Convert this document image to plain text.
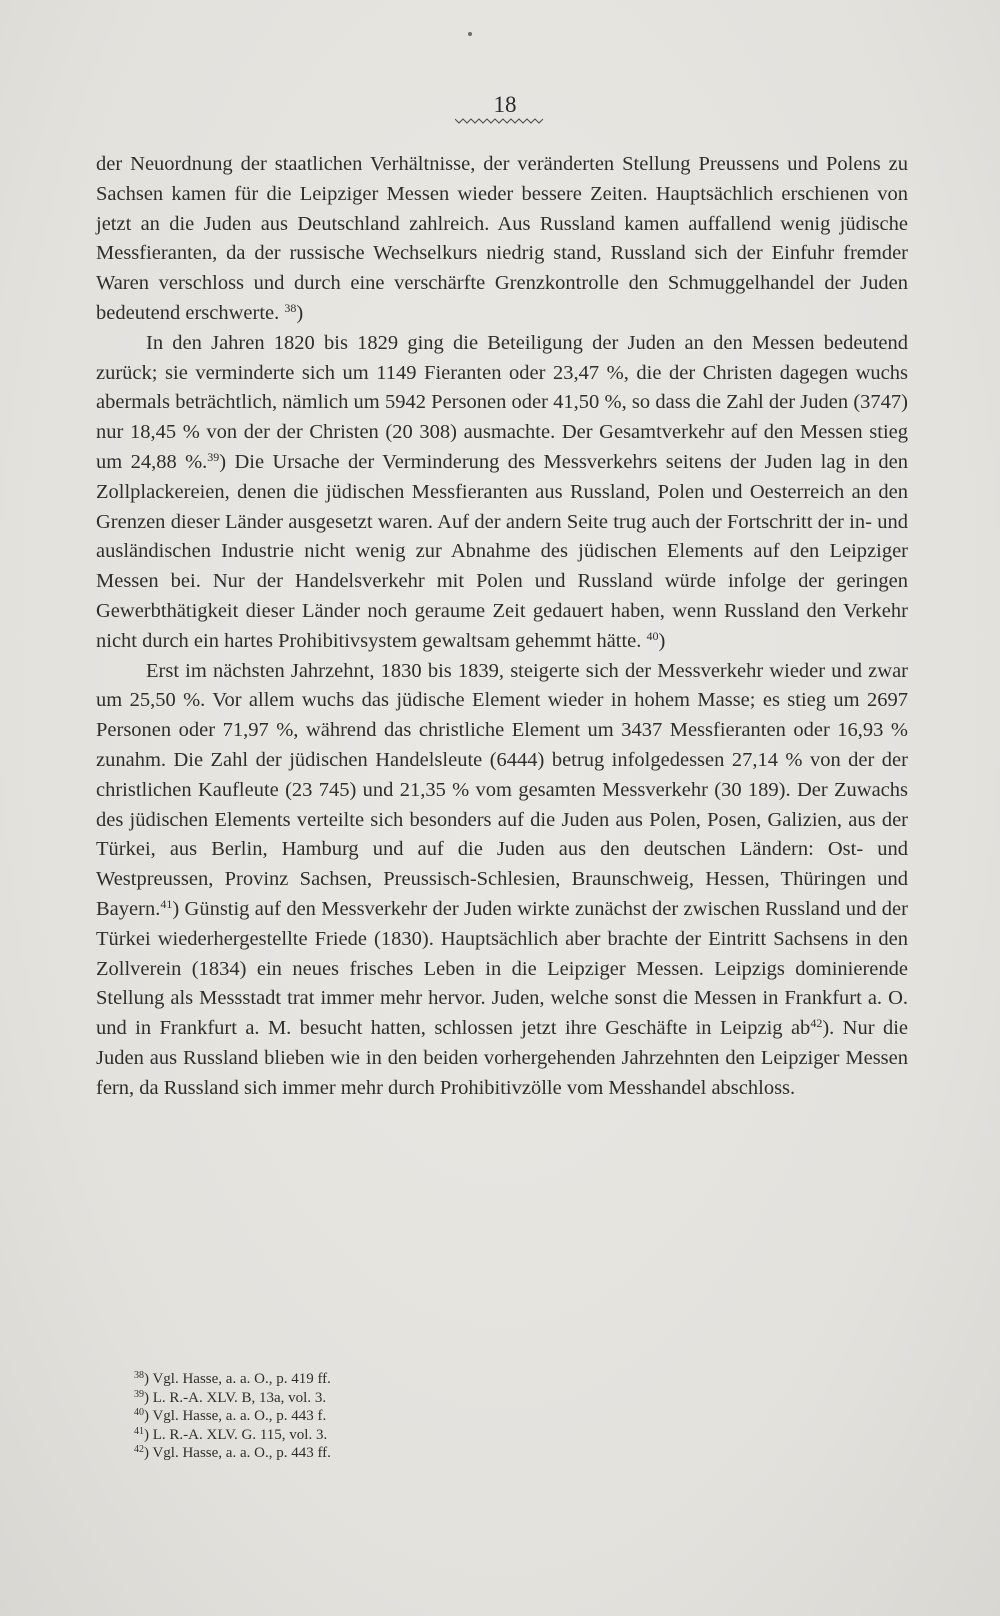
18

der Neuordnung der staatlichen Verhältnisse, der veränderten Stellung Preussens und Polens zu Sachsen kamen für die Leipziger Messen wieder bessere Zeiten. Hauptsächlich erschienen von jetzt an die Juden aus Deutschland zahlreich. Aus Russland kamen auffallend wenig jüdische Messfieranten, da der russische Wechselkurs niedrig stand, Russland sich der Einfuhr fremder Waren verschloss und durch eine verschärfte Grenzkontrolle den Schmuggelhandel der Juden bedeutend erschwerte. $^{38}$)

In den Jahren 1820 bis 1829 ging die Beteiligung der Juden an den Messen bedeutend zurück; sie verminderte sich um 1149 Fieranten oder 23,47 %, die der Christen dagegen wuchs abermals beträchtlich, nämlich um 5942 Personen oder 41,50 %, so dass die Zahl der Juden (3747) nur 18,45 % von der der Christen (20 308) ausmachte. Der Gesamtverkehr auf den Messen stieg um 24,88 %.$^{39}$) Die Ursache der Verminderung des Messverkehrs seitens der Juden lag in den Zollplackereien, denen die jüdischen Messfieranten aus Russland, Polen und Oesterreich an den Grenzen dieser Länder ausgesetzt waren. Auf der andern Seite trug auch der Fortschritt der in- und ausländischen Industrie nicht wenig zur Abnahme des jüdischen Elements auf den Leipziger Messen bei. Nur der Handelsverkehr mit Polen und Russland würde infolge der geringen Gewerbthätigkeit dieser Länder noch geraume Zeit gedauert haben, wenn Russland den Verkehr nicht durch ein hartes Prohibitivsystem gewaltsam gehemmt hätte. $^{40}$)

Erst im nächsten Jahrzehnt, 1830 bis 1839, steigerte sich der Messverkehr wieder und zwar um 25,50 %. Vor allem wuchs das jüdische Element wieder in hohem Masse; es stieg um 2697 Personen oder 71,97 %, während das christliche Element um 3437 Messfieranten oder 16,93 % zunahm. Die Zahl der jüdischen Handelsleute (6444) betrug infolgedessen 27,14 % von der der christlichen Kaufleute (23 745) und 21,35 % vom gesamten Messverkehr (30 189). Der Zuwachs des jüdischen Elements verteilte sich besonders auf die Juden aus Polen, Posen, Galizien, aus der Türkei, aus Berlin, Hamburg und auf die Juden aus den deutschen Ländern: Ost- und Westpreussen, Provinz Sachsen, Preussisch-Schlesien, Braunschweig, Hessen, Thüringen und Bayern.$^{41}$) Günstig auf den Messverkehr der Juden wirkte zunächst der zwischen Russland und der Türkei wiederhergestellte Friede (1830). Hauptsächlich aber brachte der Eintritt Sachsens in den Zollverein (1834) ein neues frisches Leben in die Leipziger Messen. Leipzigs dominierende Stellung als Messstadt trat immer mehr hervor. Juden, welche sonst die Messen in Frankfurt a. O. und in Frankfurt a. M. besucht hatten, schlossen jetzt ihre Geschäfte in Leipzig $ab^{42}$). Nur die Juden aus Russland blieben wie in den beiden vorhergehenden Jahrzehnten den Leipziger Messen fern, da Russland sich immer mehr durch Prohibitivzölle vom Messhandel abschloss.

$^{38}$) Vgl. Hasse, a. a. O., p. 419 ff.

$^{39}$) L. R.-A. XLV. B, 13a, vol. 3.

$^{40}$) Vgl. Hasse, a. a. O., p. 443 f.

$^{41}$) L. R.-A. XLV. G. 115, vol. 3.

$^{42}$) Vgl. Hasse, a. a. O., p. 443 ff.
